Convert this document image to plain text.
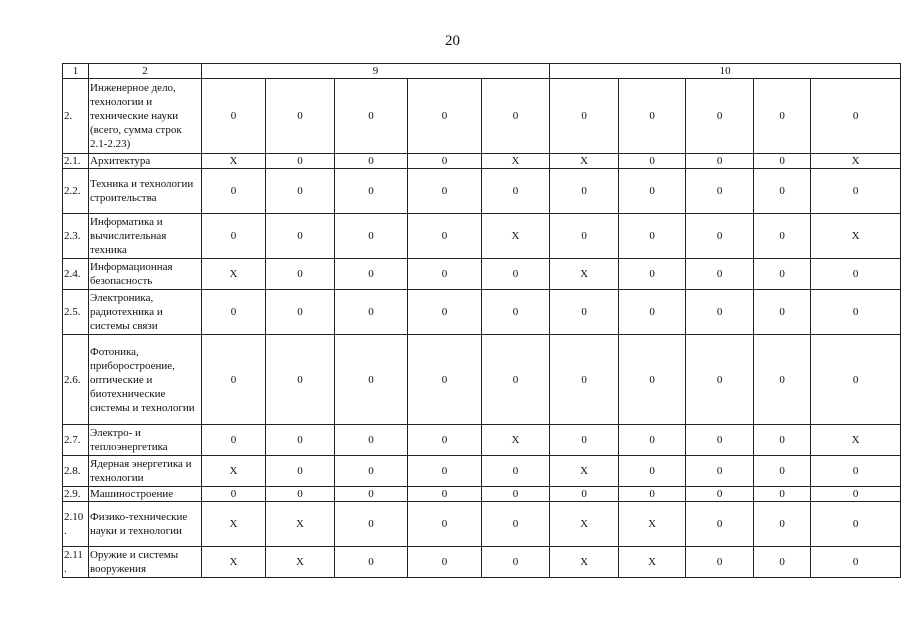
20
1	2	9					10				
2.	Инженерное дело, технологии и технические науки (всего, сумма строк 2.1-2.23)	0	0	0	0	0	0	0	0	0	0
2.1.	Архитектура	X	0	0	0	X	X	0	0	0	X
2.2.	Техника и технологии строительства	0	0	0	0	0	0	0	0	0	0
2.3.	Информатика и вычислительная техника	0	0	0	0	X	0	0	0	0	X
2.4.	Информационная безопасность	X	0	0	0	0	X	0	0	0	0
2.5.	Электроника, радиотехника и системы связи	0	0	0	0	0	0	0	0	0	0
2.6.	Фотоника, приборостроение, оптические и биотехнические системы и технологии	0	0	0	0	0	0	0	0	0	0
2.7.	Электро- и теплоэнергетика	0	0	0	0	X	0	0	0	0	X
2.8.	Ядерная энергетика и технологии	X	0	0	0	0	X	0	0	0	0
2.9.	Машиностроение	0	0	0	0	0	0	0	0	0	0
2.10 .	Физико-технические науки и технологии	X	X	0	0	0	X	X	0	0	0
2.11 .	Оружие и системы вооружения	X	X	0	0	0	X	X	0	0	0
